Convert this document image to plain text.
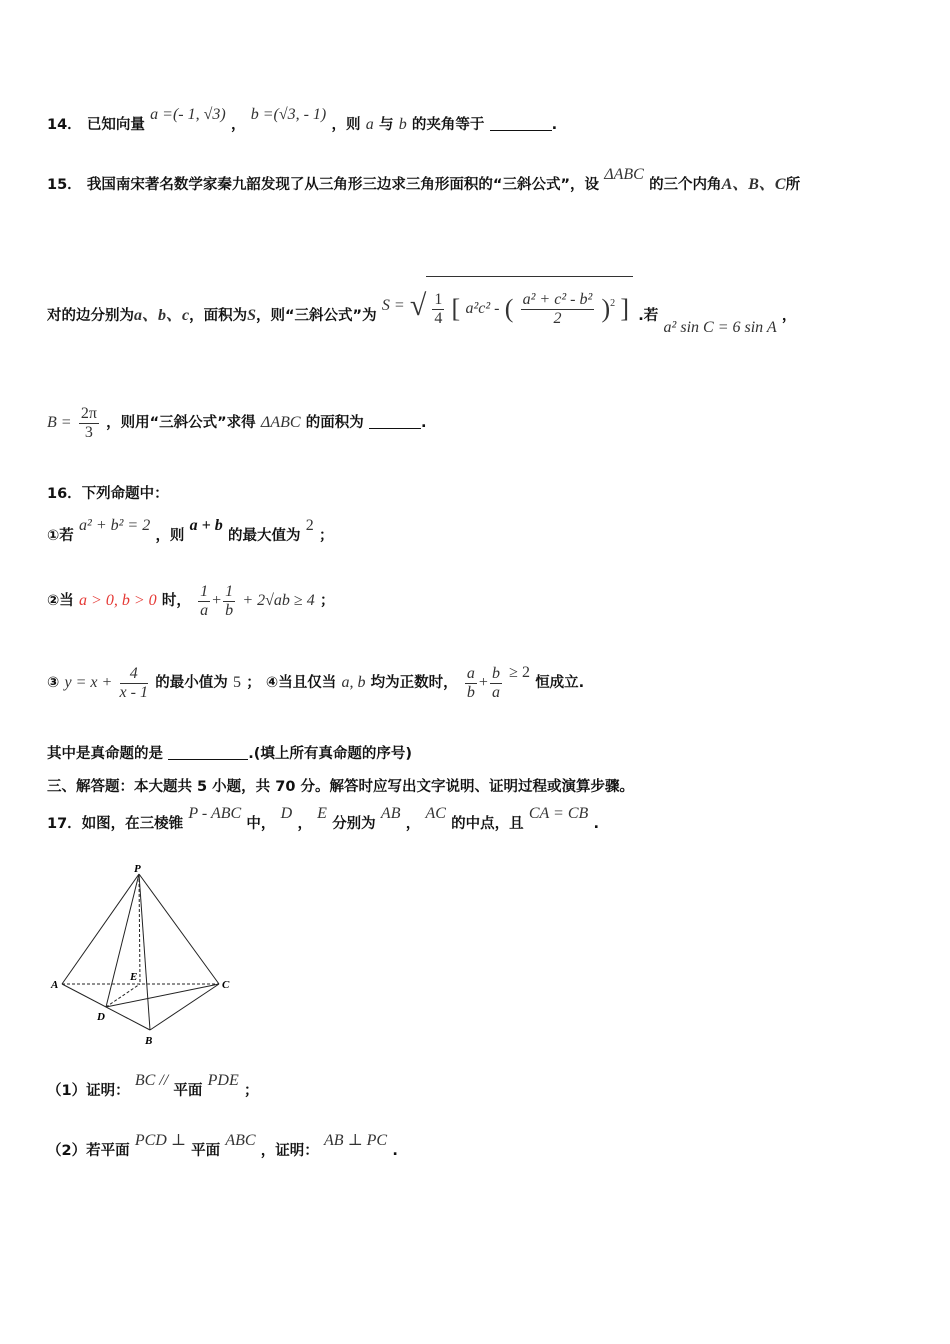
14． 已知向量 a =(- 1, √3) ， b =(√3, - 1) ，则 a 与 b 的夹角等于	.
15． 我国南宋著名数学家秦九韶发现了从三角形三边求三角形面积的“三斜公式”，设 ΔABC 的三个内角A、B、C所
对的边分别为a、b、c，面积为S，则“三斜公式”为 S = √ $\frac{1}{4}$ [ a²c² - ( $\frac{\text{a² + c² - b²}}{2} )^2$ ] .若 a² sin C = 6 sin A ，
$B = \frac{2\pi}{3}$ ，则用“三斜公式”求得 ΔABC 的面积为	.
16．下列命题中：
①若 a² + b² = 2 ，则 a + b 的最大值为 2 ；
②当 a > 0, b > 0 时， $\frac{1}{a} + \frac{1}{b} + 2√ab \ge 4$ ；
③ $y = x + \frac{4}{x - 1}$ 的最小值为 5 ； ④当且仅当 a, b 均为正数时， $\frac{a}{b} + \frac{b}{a} \ge 2$ 恒成立.
其中是真命题的是	.(填上所有真命题的序号)
三、解答题：本大题共 5 小题，共 70 分。解答时应写出文字说明、证明过程或演算步骤。
17．如图，在三棱锥 P - ABC 中， D ， E 分别为 AB ， AC 的中点，且 CA = CB .
P
A	C
B
D
E
（1）证明： BC // 平面 PDE ；
（2）若平面 PCD ⊥ 平面 ABC ，证明： AB ⊥ PC .
